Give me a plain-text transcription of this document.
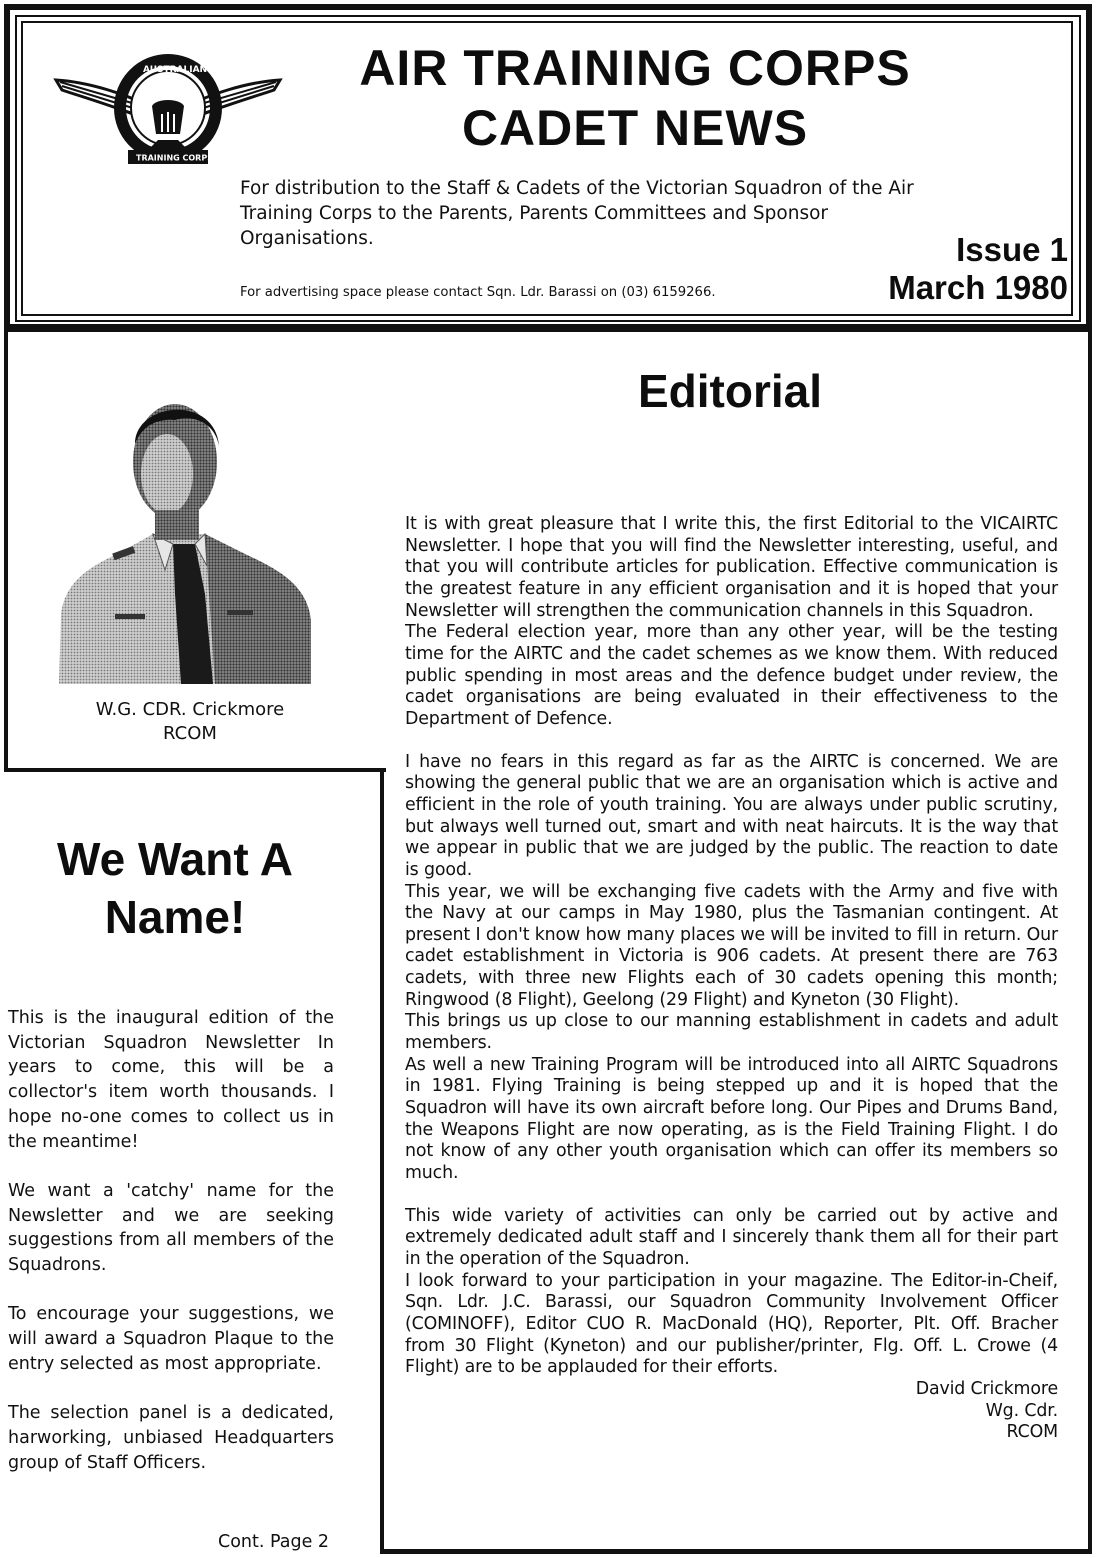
AUSTRALIAN
TRAINING CORPS
AIR TRAINING CORPS
CADET NEWS
For distribution to the Staff & Cadets of the Victorian Squadron of the Air Training Corps to the Parents, Parents Committees and Sponsor Organisations.	Issue 1
March 1980
For advertising space please contact Sqn. Ldr. Barassi on (03) 6159266.
W.G. CDR. Crickmore
RCOM
We Want A
Name!

This is the inaugural edition of the Victorian Squadron Newsletter In years to come, this will be a collector's item worth thousands. I hope no-one comes to collect us in the meantime!

We want a 'catchy' name for the Newsletter and we are seeking suggestions from all members of the Squadrons.

To encourage your suggestions, we will award a Squadron Plaque to the entry selected as most appropriate.

The selection panel is a dedicated, harworking, unbiased Headquarters group of Staff Officers.

Cont. Page 2
Editorial

It is with great pleasure that I write this, the first Editorial to the VICAIRTC Newsletter. I hope that you will find the Newsletter interesting, useful, and that you will contribute articles for publication. Effective communication is the greatest feature in any efficient organisation and it is hoped that your Newsletter will strengthen the communication channels in this Squadron.

The Federal election year, more than any other year, will be the testing time for the AIRTC and the cadet schemes as we know them. With reduced public spending in most areas and the defence budget under review, the cadet organisations are being evaluated in their effectiveness to the Department of Defence.

I have no fears in this regard as far as the AIRTC is concerned. We are showing the general public that we are an organisation which is active and efficient in the role of youth training. You are always under public scrutiny, but always well turned out, smart and with neat haircuts. It is the way that we appear in public that we are judged by the public. The reaction to date is good.

This year, we will be exchanging five cadets with the Army and five with the Navy at our camps in May 1980, plus the Tasmanian contingent. At present I don't know how many places we will be invited to fill in return. Our cadet establishment in Victoria is 906 cadets. At present there are 763 cadets, with three new Flights each of 30 cadets opening this month; Ringwood (8 Flight), Geelong (29 Flight) and Kyneton (30 Flight).

This brings us up close to our manning establishment in cadets and adult members.

As well a new Training Program will be introduced into all AIRTC Squadrons in 1981. Flying Training is being stepped up and it is hoped that the Squadron will have its own aircraft before long. Our Pipes and Drums Band, the Weapons Flight are now operating, as is the Field Training Flight. I do not know of any other youth organisation which can offer its members so much.

This wide variety of activities can only be carried out by active and extremely dedicated adult staff and I sincerely thank them all for their part in the operation of the Squadron.

I look forward to your participation in your magazine. The Editor-in-Cheif, Sqn. Ldr. J.C. Barassi, our Squadron Community Involvement Officer (COMINOFF), Editor CUO R. MacDonald (HQ), Reporter, Plt. Off. Bracher from 30 Flight (Kyneton) and our publisher/printer, Flg. Off. L. Crowe (4 Flight) are to be applauded for their efforts.

David Crickmore
Wg. Cdr.
RCOM
